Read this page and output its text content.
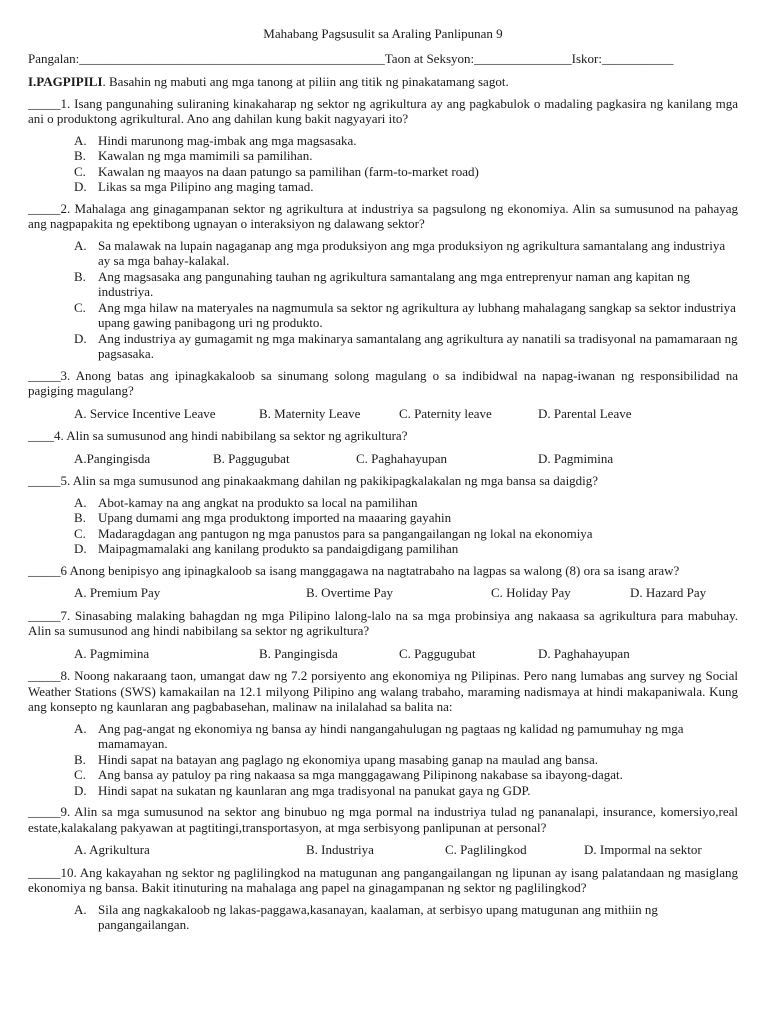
Mahabang Pagsusulit sa Araling Panlipunan 9
Pangalan:_______________________________________________Taon at Seksyon:_______________Iskor:___________
I.PAGPIPILI. Basahin ng mabuti ang mga tanong at piliin ang titik ng pinakatamang sagot.
_____1. Isang pangunahing suliraning kinakaharap ng sektor ng agrikultura ay ang pagkabulok o madaling pagkasira ng kanilang mga ani o produktong agrikultural. Ano ang dahilan kung bakit nagyayari ito?
A. Hindi marunong mag-imbak ang mga magsasaka.
B. Kawalan ng mga mamimili sa pamilihan.
C. Kawalan ng maayos na daan patungo sa pamilihan (farm-to-market road)
D. Likas sa mga Pilipino ang maging tamad.
_____2. Mahalaga ang ginagampanan sektor ng agrikultura at industriya sa pagsulong ng ekonomiya. Alin sa sumusunod na pahayag ang nagpapakita ng epektibong ugnayan o interaksiyon ng dalawang sektor?
A. Sa malawak na lupain nagaganap ang mga produksiyon ang mga produksiyon ng agrikultura samantalang ang industriya ay sa mga bahay-kalakal.
B. Ang magsasaka ang pangunahing tauhan ng agrikultura samantalang ang mga entreprenyur naman ang kapitan ng industriya.
C. Ang mga hilaw na materyales na nagmumula sa sektor ng agrikultura ay lubhang mahalagang sangkap sa sektor industriya upang gawing panibagong uri ng produkto.
D. Ang industriya ay gumagamit ng mga makinarya samantalang ang agrikultura ay nanatili sa tradisyonal na pamamaraan ng pagsasaka.
_____3. Anong batas ang ipinagkakaloob sa sinumang solong magulang o sa indibidwal na napag-iwanan ng responsibilidad na pagiging magulang?
A. Service Incentive Leave	B. Maternity Leave	C. Paternity leave	D. Parental Leave
____4. Alin sa sumusunod ang hindi nabibilang sa sektor ng agrikultura?
A.Pangingisda	B. Paggugubat	C. Paghahayupan	D. Pagmimina
_____5. Alin sa mga sumusunod ang pinakaakmang dahilan ng pakikipagkalakalan ng mga bansa sa daigdig?
A. Abot-kamay na ang angkat na produkto sa local na pamilihan
B. Upang dumami ang mga produktong imported na maaaring gayahin
C. Madaragdagan ang pantugon ng mga panustos para sa pangangailangan ng lokal na ekonomiya
D. Maipagmamalaki ang kanilang produkto sa pandaigdigang pamilihan
_____6 Anong benipisyo ang ipinagkaloob sa isang manggagawa na nagtatrabaho na lagpas sa walong (8) ora sa isang araw?
A. Premium Pay	B. Overtime Pay	C. Holiday Pay	D. Hazard Pay
_____7. Sinasabing malaking bahagdan ng mga Pilipino lalong-lalo na sa mga probinsiya ang nakaasa sa agrikultura para mabuhay. Alin sa sumusunod ang hindi nabibilang sa sektor ng agrikultura?
A. Pagmimina	B. Pangingisda	C. Paggugubat	D. Paghahayupan
_____8. Noong nakaraang taon, umangat daw ng 7.2 porsiyento ang ekonomiya ng Pilipinas. Pero nang lumabas ang survey ng Social Weather Stations (SWS) kamakailan na 12.1 milyong Pilipino ang walang trabaho, maraming nadismaya at hindi makapaniwala. Kung ang konsepto ng kaunlaran ang pagbabasehan, malinaw na inilalahad sa balita na:
A. Ang pag-angat ng ekonomiya ng bansa ay hindi nangangahulugan ng pagtaas ng kalidad ng pamumuhay ng mga mamamayan.
B. Hindi sapat na batayan ang paglago ng ekonomiya upang masabing ganap na maulad ang bansa.
C. Ang bansa ay patuloy pa ring nakaasa sa mga manggagawang Pilipinong nakabase sa ibayong-dagat.
D. Hindi sapat na sukatan ng kaunlaran ang mga tradisyonal na panukat gaya ng GDP.
_____9. Alin sa mga sumusunod na sektor ang binubuo ng mga pormal na industriya tulad ng pananalapi, insurance, komersiyo,real estate,kalakalang pakyawan at pagtitingi,transportasyon, at mga serbisyong panlipunan at personal?
A. Agrikultura	B. Industriya	C. Paglilingkod	D. Impormal na sektor
_____10. Ang kakayahan ng sektor ng paglilingkod na matugunan ang pangangailangan ng lipunan ay isang palatandaan ng masiglang ekonomiya ng bansa. Bakit itinuturing na mahalaga ang papel na ginagampanan ng sektor ng paglilingkod?
A. Sila ang nagkakaloob ng lakas-paggawa,kasanayan, kaalaman, at serbisyo upang matugunan ang mithiin ng pangangailangan.
